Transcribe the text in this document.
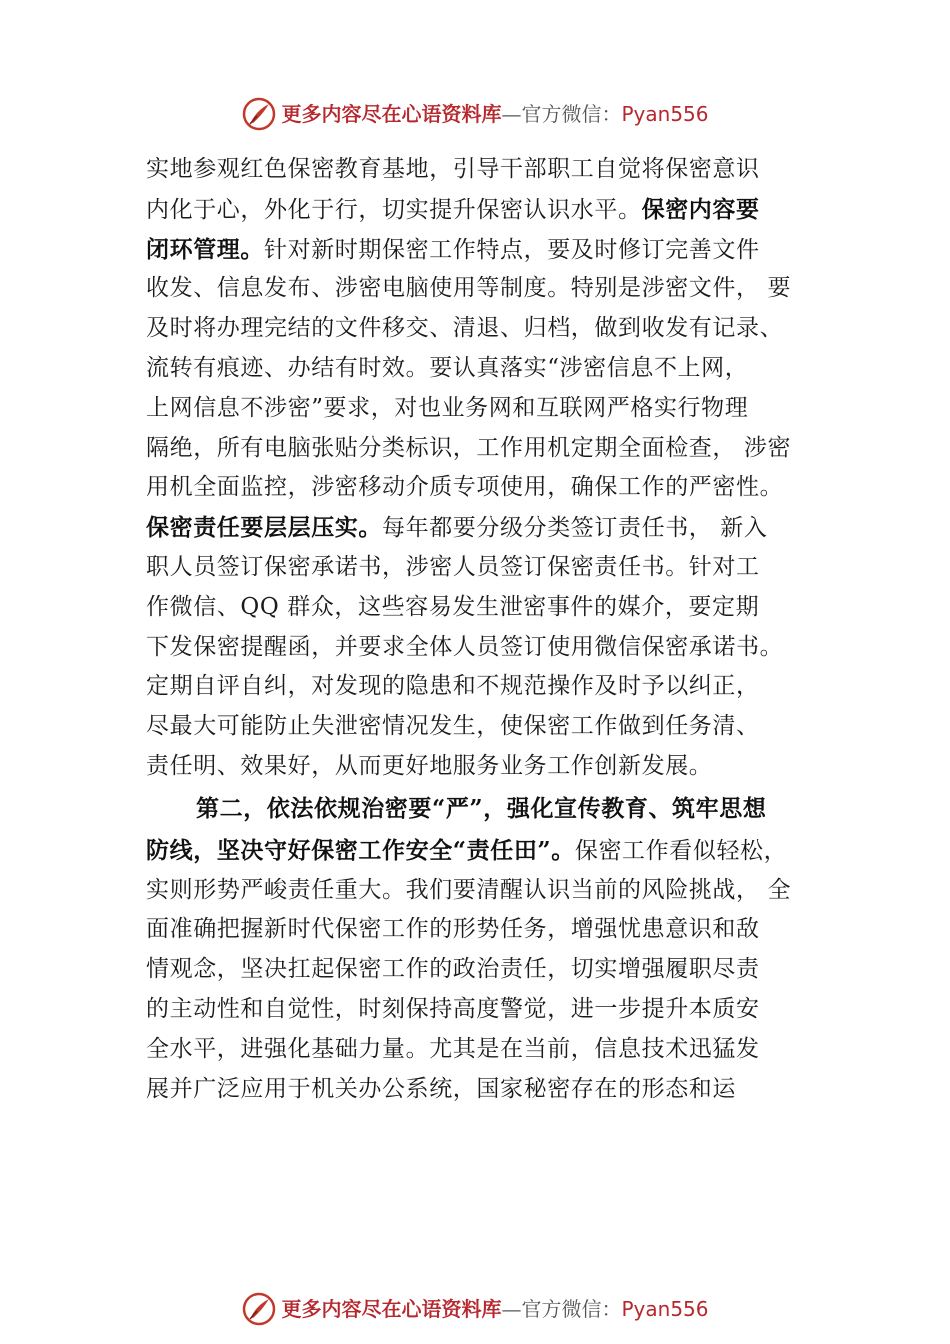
更多内容尽在心语资料库 —官方微信： Pyan556
实地参观红色保密教育基地，引导干部职工自觉将保密意识
内化于心，外化于行，切实提升保密认识水平。保密内容要
闭环管理。针对新时期保密工作特点，要及时修订完善文件
收发、信息发布、涉密电脑使用等制度。特别是涉密文件， 要
及时将办理完结的文件移交、清退、归档，做到收发有记录、
流转有痕迹、办结有时效。要认真落实“涉密信息不上网，
上网信息不涉密”要求，对也业务网和互联网严格实行物理
隔绝，所有电脑张贴分类标识，工作用机定期全面检查， 涉密
用机全面监控，涉密移动介质专项使用，确保工作的严密性。
保密责任要层层压实。每年都要分级分类签订责任书， 新入
职人员签订保密承诺书，涉密人员签订保密责任书。针对工
作微信、QQ 群众，这些容易发生泄密事件的媒介，要定期
下发保密提醒函，并要求全体人员签订使用微信保密承诺书。
定期自评自纠，对发现的隐患和不规范操作及时予以纠正，
尽最大可能防止失泄密情况发生，使保密工作做到任务清、
责任明、效果好，从而更好地服务业务工作创新发展。
第二，依法依规治密要“严”，强化宣传教育、筑牢思想
防线，坚决守好保密工作安全“责任田”。保密工作看似轻松，
实则形势严峻责任重大。我们要清醒认识当前的风险挑战， 全
面准确把握新时代保密工作的形势任务，增强忧患意识和敌
情观念，坚决扛起保密工作的政治责任，切实增强履职尽责
的主动性和自觉性，时刻保持高度警觉，进一步提升本质安
全水平，进强化基础力量。尤其是在当前，信息技术迅猛发
展并广泛应用于机关办公系统，国家秘密存在的形态和运
更多内容尽在心语资料库 —官方微信： Pyan556
